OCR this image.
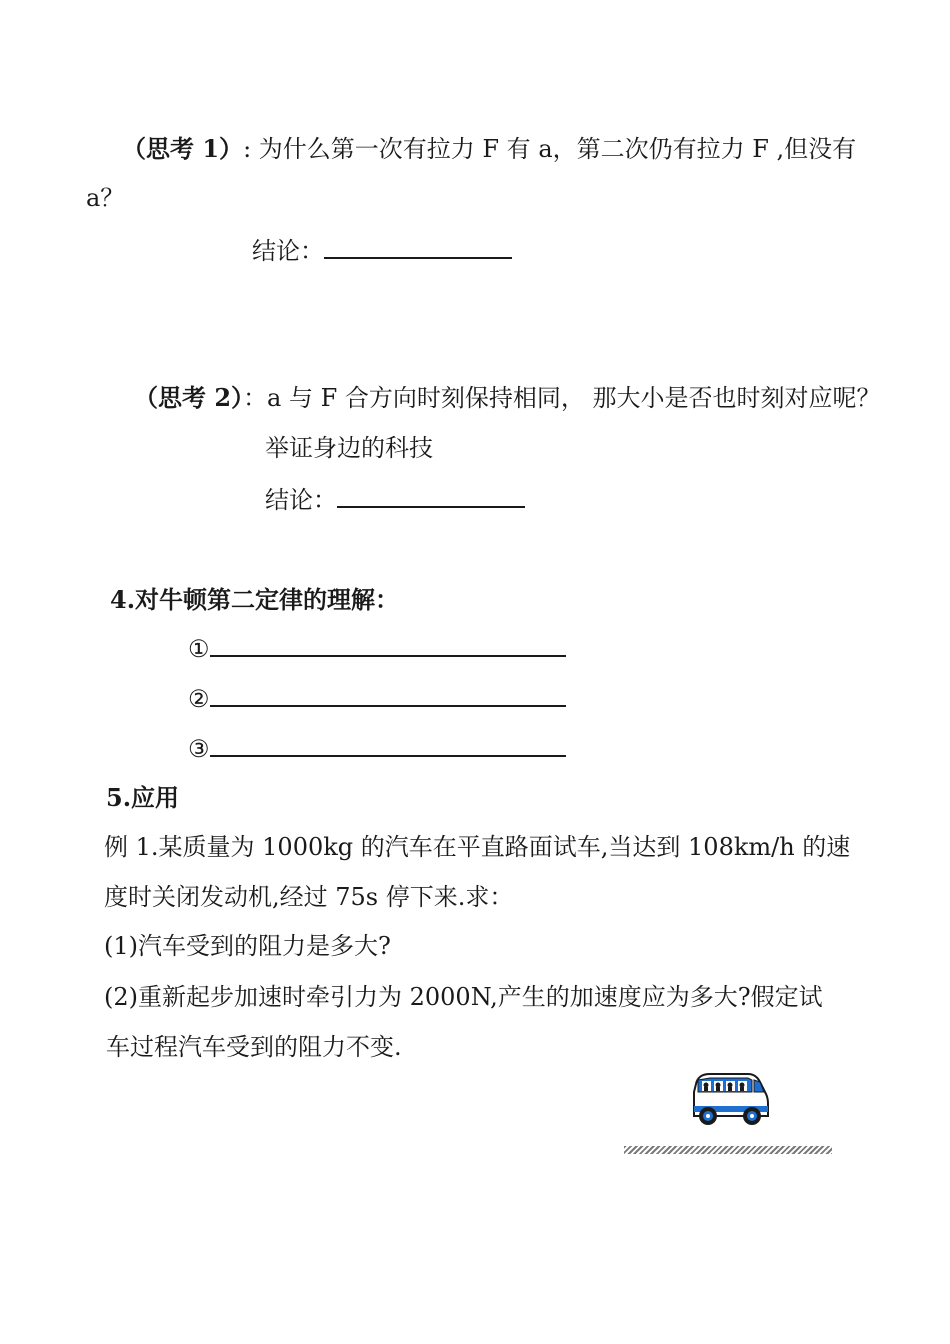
（思考 1）: 为什么第一次有拉力 F 有 a，第二次仍有拉力 F ,但没有
a？
结论：
（思考 2）：a 与 F 合方向时刻保持相同， 那大小是否也时刻对应呢？
举证身边的科技
结论：
4.对牛顿第二定律的理解：
①
②
③
5.应用
例 1.某质量为 1000kg 的汽车在平直路面试车,当达到 108km/h 的速
度时关闭发动机,经过 75s 停下来.求：
(1)汽车受到的阻力是多大?
(2)重新起步加速时牵引力为 2000N,产生的加速度应为多大?假定试
车过程汽车受到的阻力不变.
